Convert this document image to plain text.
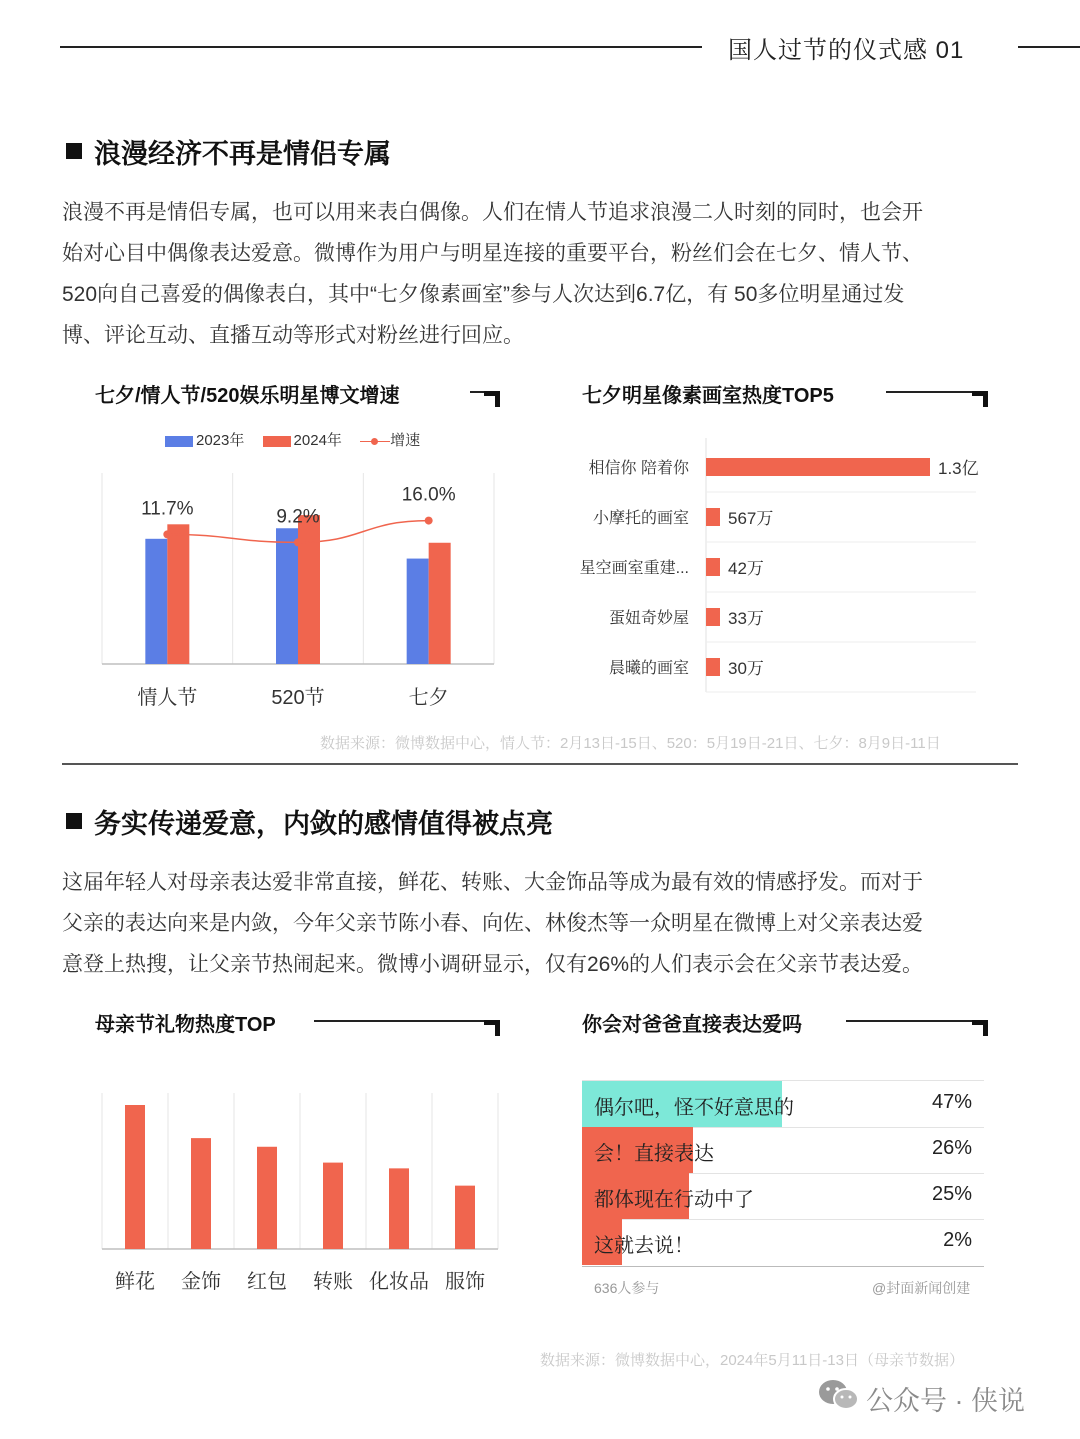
国人过节的仪式感 01
浪漫经济不再是情侣专属

浪漫不再是情侣专属，也可以用来表白偶像。人们在情人节追求浪漫二人时刻的同时，也会开

始对心目中偶像表达爱意。微博作为用户与明星连接的重要平台，粉丝们会在七夕、情人节、

520向自己喜爱的偶像表白，其中“七夕像素画室”参与人次达到6.7亿，有 50多位明星通过发

博、评论互动、直播互动等形式对粉丝进行回应。

七夕/情人节/520娱乐明星博文增速
2023年	2024年	增速
情人节	520节	七夕
11.7%	9.2%
16.0%
七夕明星像素画室热度TOP5
相信你 陪着你	1.3亿
小摩托的画室 567万
星空画室重建... 42万
蛋妞奇妙屋 33万
晨曦的画室 30万
数据来源：微博数据中心，情人节：2月13日-15日、520：5月19日-21日、七夕：8月9日-11日
务实传递爱意，内敛的感情值得被点亮

这届年轻人对母亲表达爱非常直接，鲜花、转账、大金饰品等成为最有效的情感抒发。而对于

父亲的表达向来是内敛，今年父亲节陈小春、向佐、林俊杰等一众明星在微博上对父亲表达爱

意登上热搜，让父亲节热闹起来。微博小调研显示，仅有26%的人们表示会在父亲节表达爱。

母亲节礼物热度TOP
鲜花 金饰 红包 转账 化妆品 服饰
你会对爸爸直接表达爱吗
偶尔吧，怪不好意思的	47%
会！直接表达	26%
都体现在行动中了	25%
这就去说！	2%
636人参与	@封面新闻创建
数据来源：微博数据中心，2024年5月11日-13日（母亲节数据）
公众号 · 侠说
